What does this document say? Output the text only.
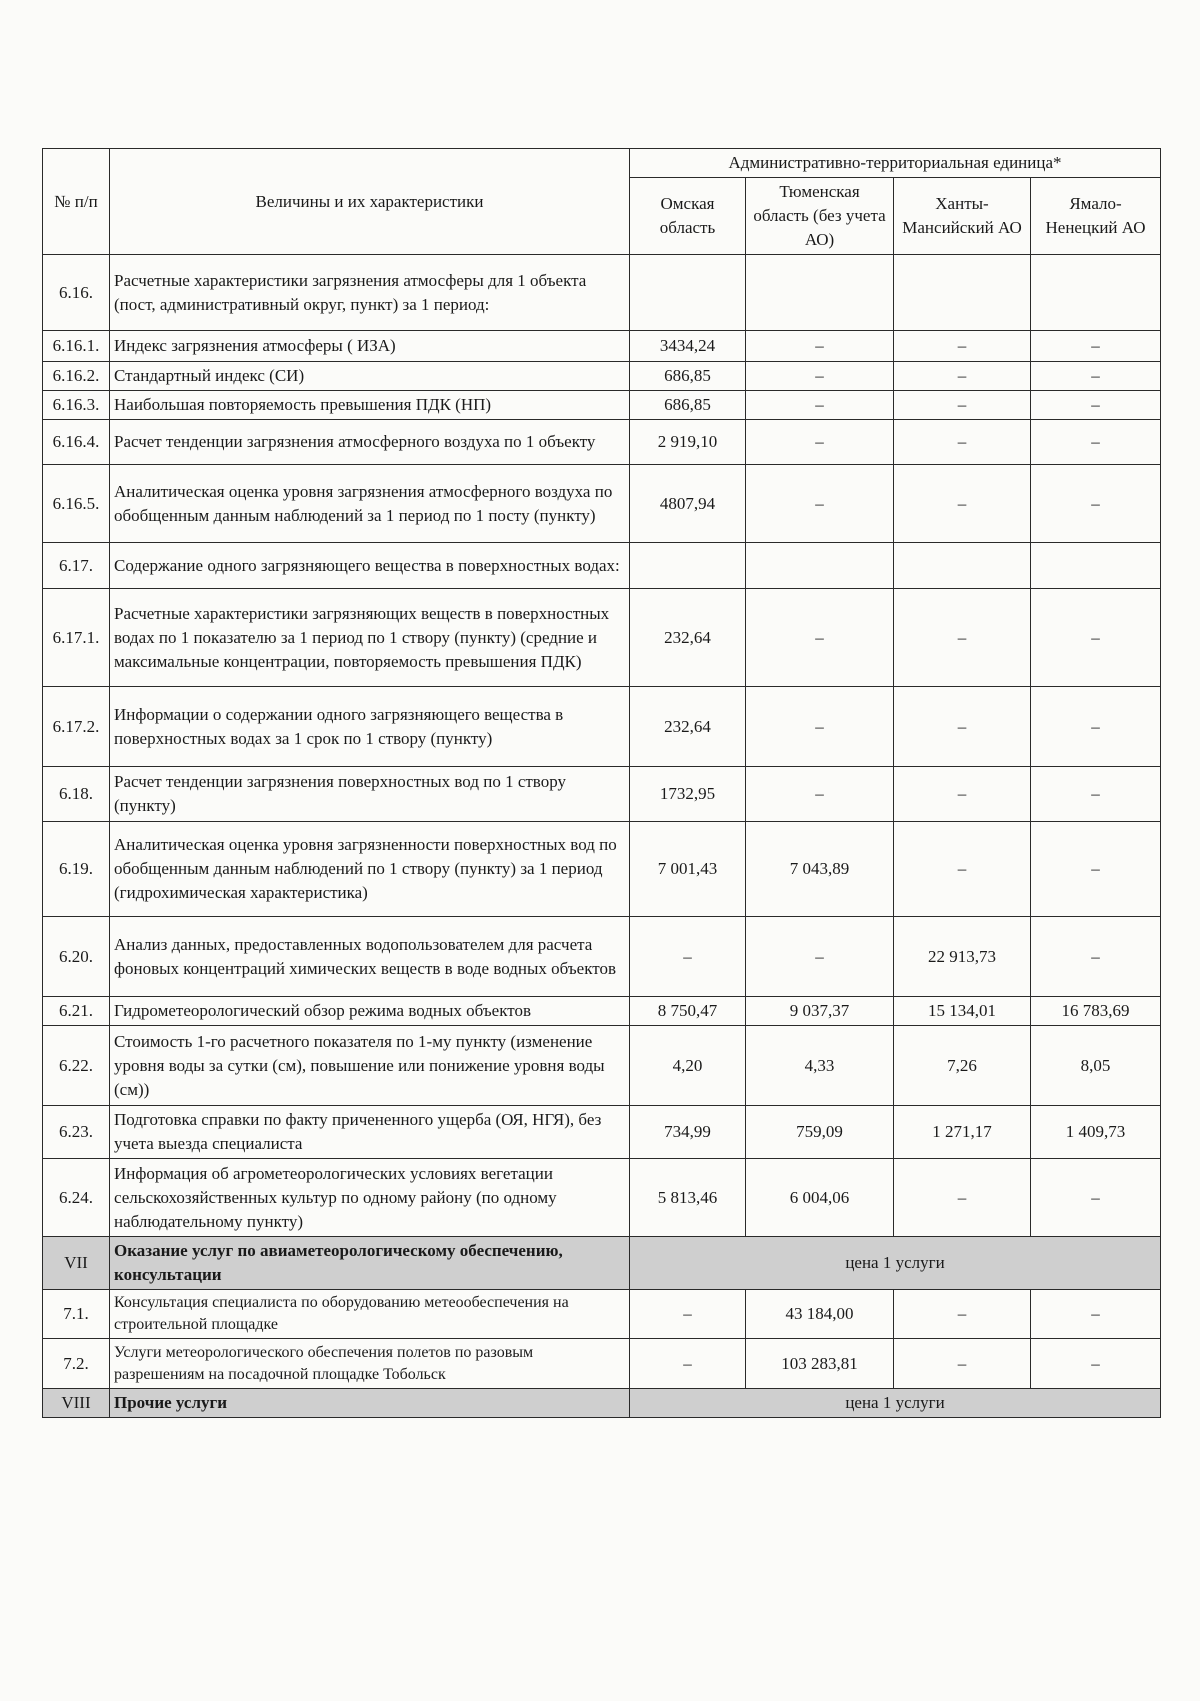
№ п/п	Величины и их характеристики	Административно-территориальная единица*			
		Омская область	Тюменская область (без учета АО)	Ханты-Мансийский АО	Ямало-Ненецкий АО
6.16.	Расчетные характеристики загрязнения атмосферы для 1 объекта (пост, административный округ, пункт) за 1 период:				
6.16.1.	Индекс загрязнения атмосферы ( ИЗА)	3434,24	–	–	–
6.16.2.	Стандартный индекс (СИ)	686,85	–	–	–
6.16.3.	Наибольшая повторяемость превышения ПДК (НП)	686,85	–	–	–
6.16.4.	Расчет тенденции загрязнения атмосферного воздуха по 1 объекту	2 919,10	–	–	–
6.16.5.	Аналитическая оценка уровня загрязнения атмосферного воздуха по обобщенным данным наблюдений за 1 период по 1 посту (пункту)	4807,94	–	–	–
6.17.	Содержание одного загрязняющего вещества в поверхностных водах:				
6.17.1.	Расчетные характеристики загрязняющих веществ в поверхностных водах по 1 показателю за 1 период по 1 створу (пункту) (средние и максимальные концентрации, повторяемость превышения ПДК)	232,64	–	–	–
6.17.2.	Информации о содержании одного загрязняющего вещества в поверхностных водах за 1 срок по 1 створу (пункту)	232,64	–	–	–
6.18.	Расчет тенденции загрязнения поверхностных вод по 1 створу (пункту)	1732,95	–	–	–
6.19.	Аналитическая оценка уровня загрязненности поверхностных вод по обобщенным данным наблюдений по 1 створу (пункту) за 1 период (гидрохимическая характеристика)	7 001,43	7 043,89	–	–
6.20.	Анализ данных, предоставленных водопользователем для расчета фоновых концентраций химических веществ в воде водных объектов	–	–	22 913,73	–
6.21.	Гидрометеорологический обзор режима водных объектов	8 750,47	9 037,37	15 134,01	16 783,69
6.22.	Стоимость 1-го расчетного показателя по 1-му пункту (изменение уровня воды за сутки (см), повышение или понижение уровня воды (см))	4,20	4,33	7,26	8,05
6.23.	Подготовка справки по факту причененного ущерба (ОЯ, НГЯ), без учета выезда специалиста	734,99	759,09	1 271,17	1 409,73
6.24.	Информация об агрометеорологических условиях вегетации сельскохозяйственных культур по одному району (по одному наблюдательному пункту)	5 813,46	6 004,06	–	–
VII	Оказание услуг по авиаметеорологическому обеспечению, консультации	цена 1 услуги			
7.1.	Консультация специалиста по оборудованию метеообеспечения на строительной площадке	–	43 184,00	–	–
7.2.	Услуги метеорологического обеспечения полетов по разовым разрешениям на посадочной площадке Тобольск	–	103 283,81	–	–
VIII	Прочие услуги	цена 1 услуги			
